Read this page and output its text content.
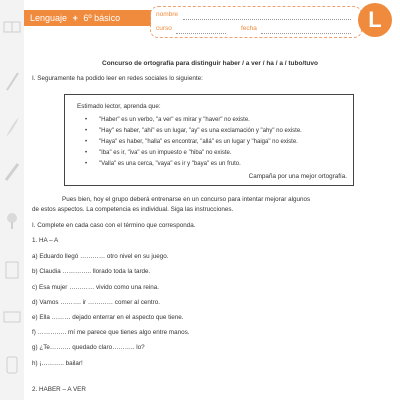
Lenguaje + 6º básico	nombre
curso	fecha	L
Concurso de ortografía para distinguir haber / a ver / ha / a / tubo/tuvo
I. Seguramente ha podido leer en redes sociales lo siguiente:
Estimado lector, aprenda que:
• "Haber" es un verbo, "a ver" es mirar y "haver" no existe.
• "Hay" es haber, "ahí" es un lugar, "ay" es una exclamación y "ahy" no existe.
• "Haya" es haber, "halla" es encontrar, "allá" es un lugar y "haiga" no existe.
• "Iba" es ir, "iva" es un impuesto e "hiba" no existe.
• "Valla" es una cerca, "vaya" es ir y "baya" es un fruto.
Campaña por una mejor ortografía.
Pues bien, hoy el grupo deberá entrenarse en un concurso para intentar mejorar algunos
de estos aspectos. La competencia es individual. Siga las instrucciones.
I. Complete en cada caso con el término que corresponda.
1. HA – A
a) Eduardo llegó ………… otro nivel en su juego.
b) Claudia ………….. llorado toda la tarde.
c) Esa mujer ………… vivido como una reina.
d) Vamos ………. ir ………… comer al centro.
e) Ella ……… dejado enterrar en el aspecto que tiene.
f) ………….. mí me parece que tienes algo entre manos.
g) ¿Te………. quedado claro……….. lo?
h) ¡……….. bailar!
2. HABER – A VER
